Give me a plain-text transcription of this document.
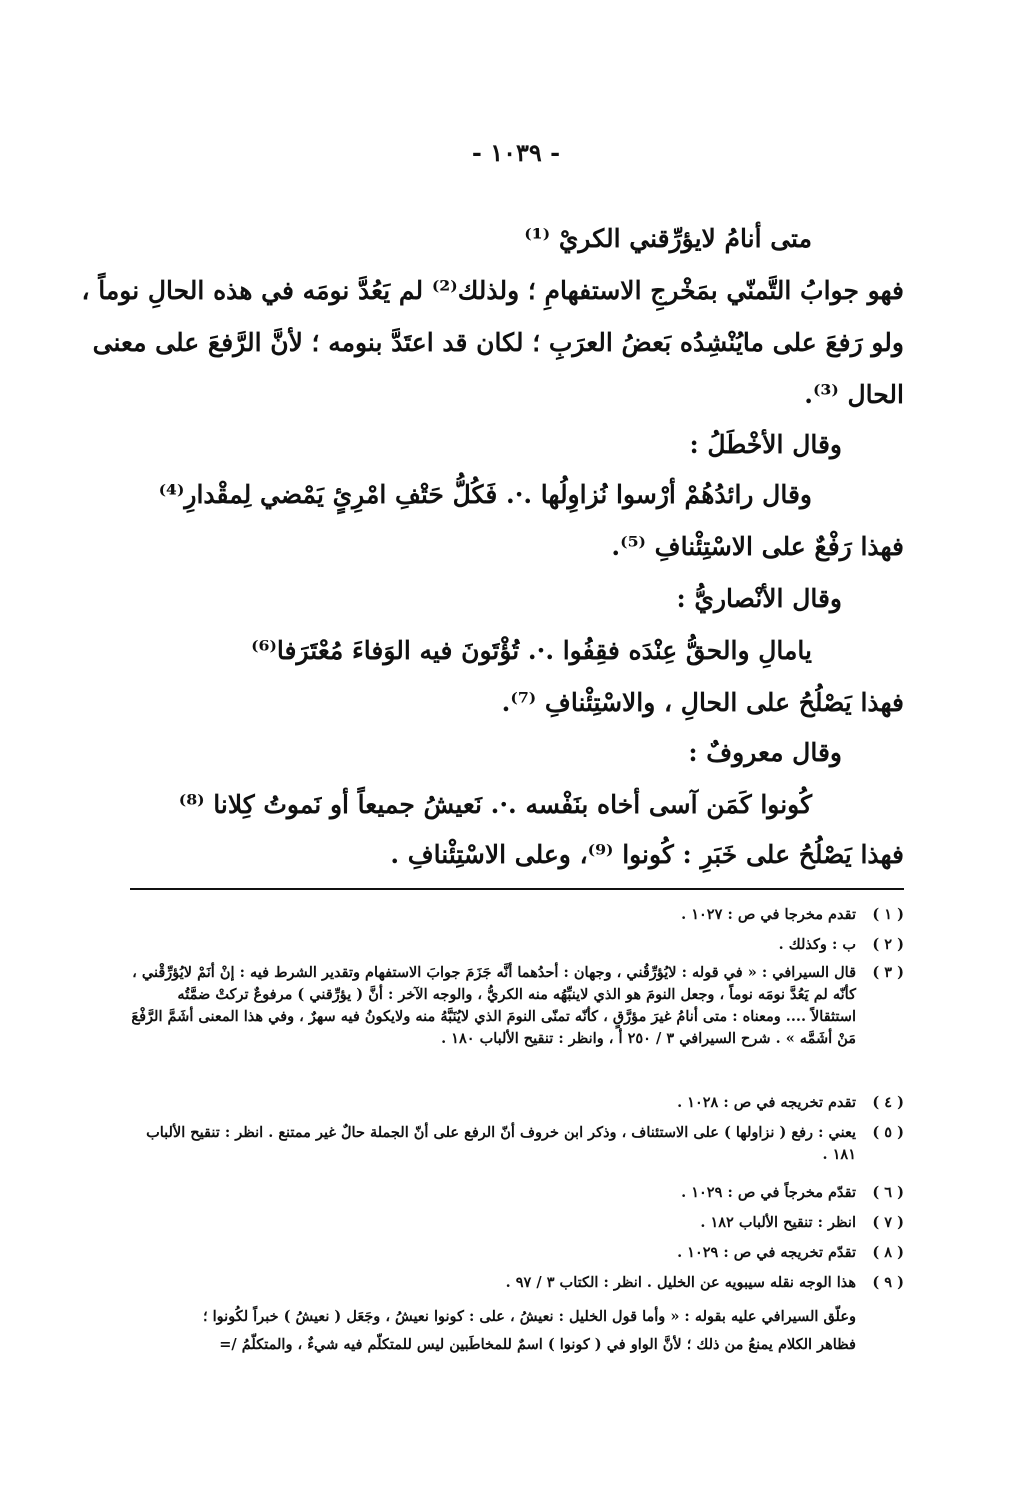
- ١٠٣٩ -
متى أنامُ لايؤرِّقني الكريْ ⁽¹⁾
فهو جوابُ التَّمنّي بمَخْرجِ الاستفهامِ ؛ ولذلك⁽²⁾ لم يَعُدَّ نومَه في هذه الحالِ نوماً ،
ولو رَفعَ على مايُنْشِدُه بَعضُ العرَبِ ؛ لكان قد اعتَدَّ بنومه ؛ لأنَّ الرَّفعَ على معنى
الحال ⁽³⁾.
وقال الأخْطَلُ :
وقال رائدُهُمْ أرْسوا نُزاوِلُها .·. فَكُلُّ حَتْفِ امْرِئٍ يَمْضي لِمقْدارِ⁽⁴⁾
فهذا رَفْعٌ على الاسْتِئْنافِ ⁽⁵⁾.
وقال الأنْصاريُّ :
يامالِ والحقُّ عِنْدَه فقِفُوا .·. تُؤْتَونَ فيه الوَفاءَ مُعْتَرَفا⁽⁶⁾
فهذا يَصْلُحُ على الحالِ ، والاسْتِئْنافِ ⁽⁷⁾.
وقال معروفٌ :
كُونوا كَمَن آسى أخاه بنَفْسه .·. نَعيشُ جميعاً أو نَموتُ كِلانا ⁽⁸⁾
فهذا يَصْلُحُ على خَبَرِ : كُونوا ⁽⁹⁾، وعلى الاسْتِئْنافِ .
( ١ )
تقدم مخرجا في ص : ١٠٢٧ .
( ٢ )
ب : وكذلك .
( ٣ )
قال السيرافي : « في قوله : لايُؤرِّقُني ، وجهان : أحدُهما أنَّه جَزَمَ جوابَ الاستفهام وتقدير الشرط فيه : إنْ أنَمْ لايُؤرِّقْني ، كأنّه لم يَعُدَّ نومَه نوماً ، وجعل النومَ هو الذي لاينبِّهُه منه الكريُّ ، والوجه الآخر : أنَّ ( يؤرِّقني ) مرفوعٌ تركتْ ضمَّتُه استثقالاً .... ومعناه : متى أنامُ غيرَ مؤرَّقٍ ، كأنّه تمنّى النومَ الذي لايُنَبَّهُ منه ولايكونُ فيه سهرٌ ، وفي هذا المعنى أشَمَّ الرَّفْعَ مَنْ أشَمَّه » . شرح السيرافي ٣ / ٢٥٠ أ ، وانظر : تنقيح الألباب ١٨٠ .
( ٤ )
تقدم تخريجه في ص : ١٠٢٨ .
( ٥ )
يعني : رفع ( نزاولها ) على الاستئناف ، وذكر ابن خروف أنّ الرفع على أنّ الجملة حالٌ غير ممتنع . انظر : تنقيح الألباب ١٨١ .
( ٦ )
تقدّم مخرجاً في ص : ١٠٢٩ .
( ٧ )
انظر : تنقيح الألباب ١٨٢ .
( ٨ )
تقدّم تخريجه في ص : ١٠٢٩ .
( ٩ )
هذا الوجه نقله سيبويه عن الخليل . انظر : الكتاب ٣ / ٩٧ .
وعلّق السيرافي عليه بقوله : « وأما قول الخليل : نعيشُ ، على : كونوا نعيشُ ، وجَعَل ( نعيشُ ) خبراً لكُونوا ؛
فظاهر الكلام يمنعُ من ذلك ؛ لأنَّ الواو في ( كونوا ) اسمٌ للمخاطَبين ليس للمتكلّم فيه شيءٌ ، والمتكلّمُ /=
